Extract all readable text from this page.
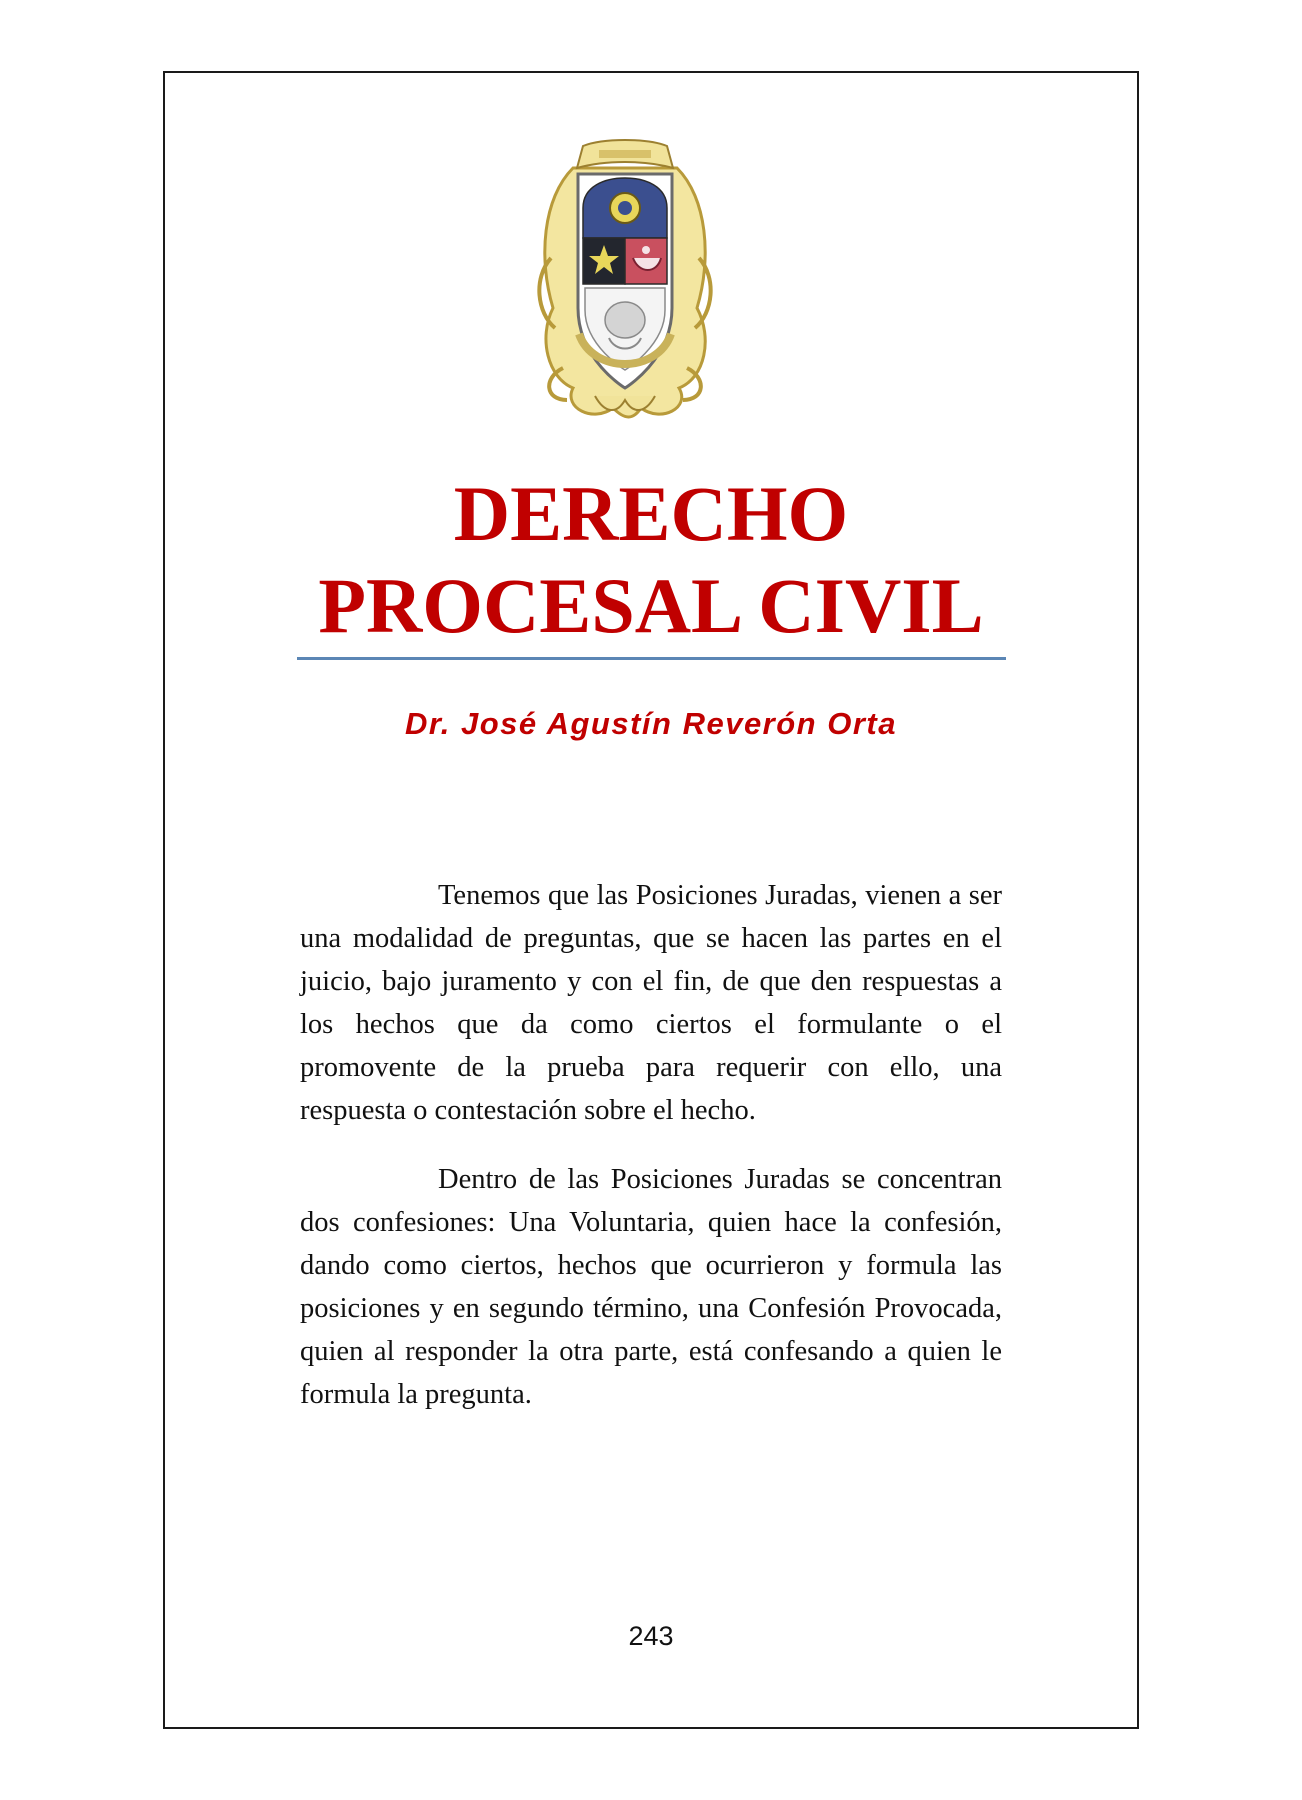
DERECHO
PROCESAL CIVIL

Dr. José Agustín Reverón Orta

Tenemos que las Posiciones Juradas, vienen a ser una modalidad de preguntas, que se hacen las partes en el juicio, bajo juramento y con el fin, de que den respuestas a los hechos que da como ciertos el formulante o el promovente de la prueba para requerir con ello, una respuesta o contestación sobre el hecho.

Dentro de las Posiciones Juradas se concentran dos confesiones: Una Voluntaria, quien hace la confesión, dando como ciertos, hechos que ocurrieron y formula las posiciones y en segundo término, una Confesión Provocada, quien al responder la otra parte, está confesando a quien le formula la pregunta.

243
